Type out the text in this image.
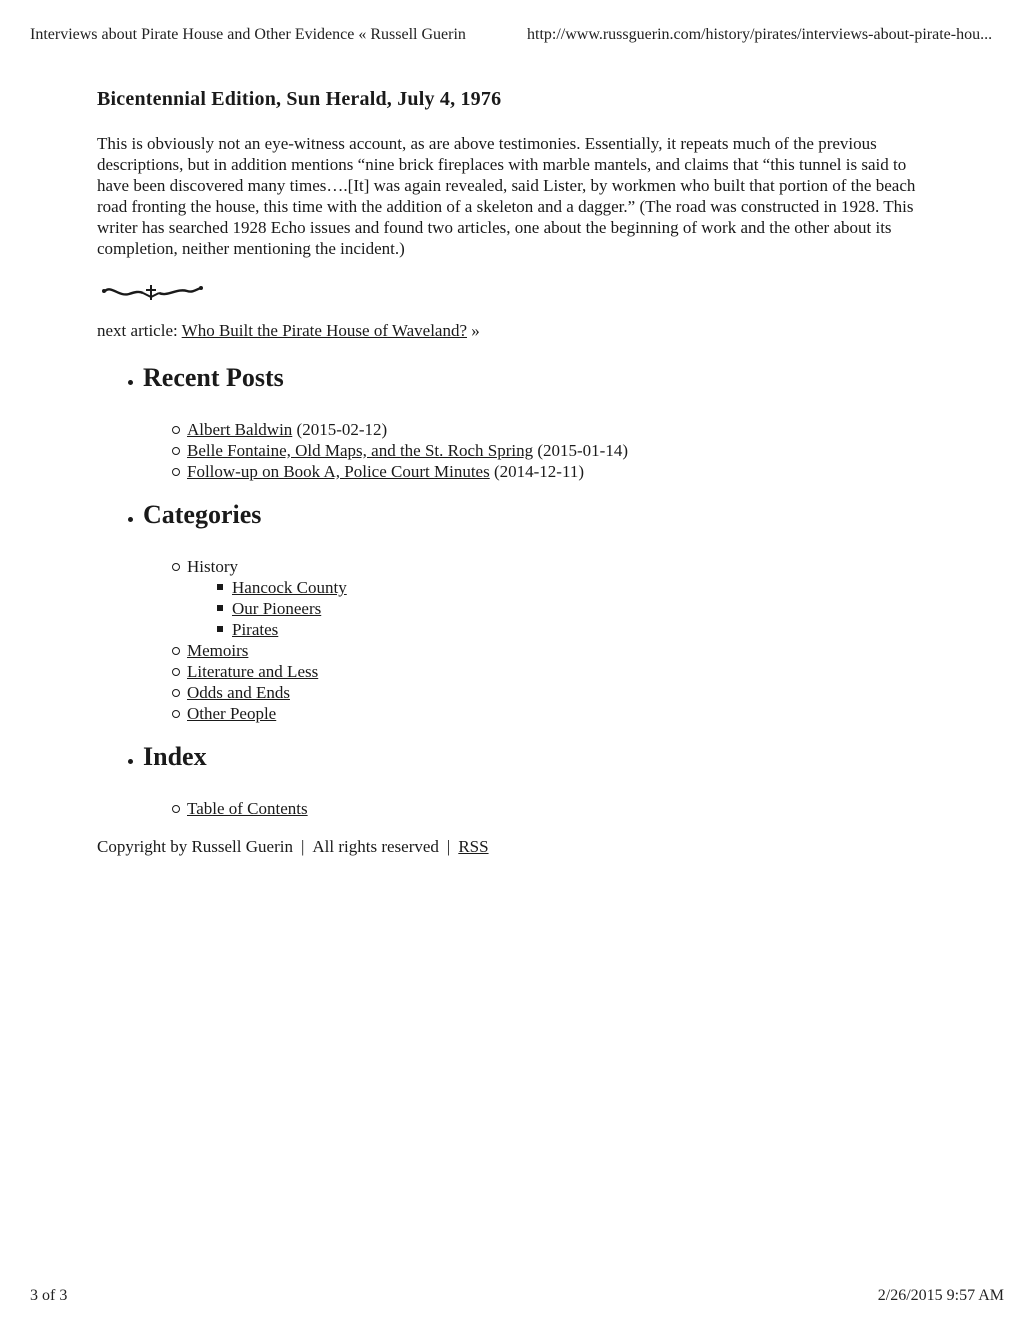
Interviews about Pirate House and Other Evidence « Russell Guerin	http://www.russguerin.com/history/pirates/interviews-about-pirate-hou...
Bicentennial Edition, Sun Herald, July 4, 1976

This is obviously not an eye-witness account, as are above testimonies. Essentially, it repeats much of the previous descriptions, but in addition mentions “nine brick fireplaces with marble mantels, and claims that “this tunnel is said to have been discovered many times….[It] was again revealed, said Lister, by workmen who built that portion of the beach road fronting the house, this time with the addition of a skeleton and a dagger.” (The road was constructed in 1928. This writer has searched 1928 Echo issues and found two articles, one about the beginning of work and the other about its completion, neither mentioning the incident.)

next article: Who Built the Pirate House of Waveland? »
Recent Posts
Albert Baldwin (2015-02-12)
Belle Fontaine, Old Maps, and the St. Roch Spring (2015-01-14)
Follow-up on Book A, Police Court Minutes (2014-12-11)
Categories
History
Hancock County
Our Pioneers
Pirates
Memoirs
Literature and Less
Odds and Ends
Other People
Index
Table of Contents
Copyright by Russell Guerin | All rights reserved | RSS
3 of 3	2/26/2015 9:57 AM
